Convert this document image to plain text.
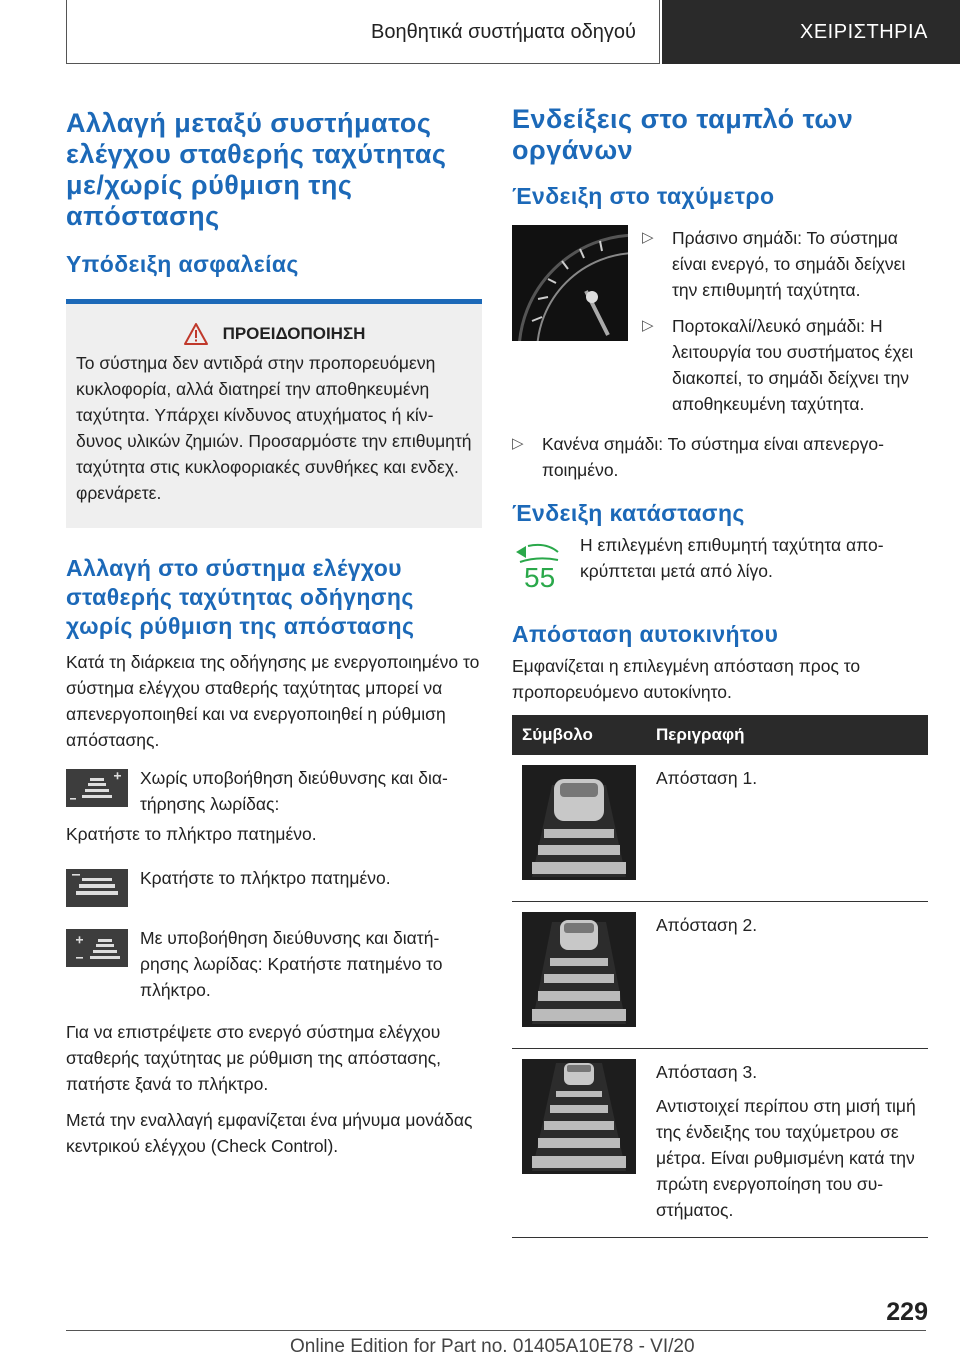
Βοηθητικά συστήματα οδηγού	ΧΕΙΡΙΣΤΗΡΙΑ
Αλλαγή μεταξύ συστήματος ελέγχου σταθερής ταχύτητας με/χωρίς ρύθμιση της απόστασης
Υπόδειξη ασφαλείας
ΠΡΟΕΙΔΟΠΟΙΗΣΗ

Το σύστημα δεν αντιδρά στην προπορευόμενη κυκλοφορία, αλλά διατηρεί την αποθηκευμένη ταχύτητα. Υπάρχει κίνδυνος ατυχήματος ή κίνδυνος υλικών ζημιών. Προσαρμόστε την επιθυμητή ταχύτητα στις κυκλοφοριακές συνθήκες και ενδεχ. φρενάρετε.

Αλλαγή στο σύστημα ελέγχου σταθερής ταχύτητας οδήγησης χωρίς ρύθμιση της απόστασης

Κατά τη διάρκεια της οδήγησης με ενεργοποιημένο το σύστημα ελέγχου σταθερής ταχύτητας μπορεί να απενεργοποιηθεί και να ενεργοποιηθεί η ρύθμιση απόστασης.

Χωρίς υποβοήθηση διεύθυνσης και διατήρησης λωρίδας:

Κρατήστε το πλήκτρο πατημένο.

Κρατήστε το πλήκτρο πατημένο.

Με υποβοήθηση διεύθυνσης και διατήρησης λωρίδας: Κρατήστε πατημένο το πλήκτρο.

Για να επιστρέψετε στο ενεργό σύστημα ελέγχου σταθερής ταχύτητας με ρύθμιση της απόστασης, πατήστε ξανά το πλήκτρο.

Μετά την εναλλαγή εμφανίζεται ένα μήνυμα μονάδας κεντρικού ελέγχου (Check Control).

Ενδείξεις στο ταμπλό των οργάνων
Ένδειξη στο ταχύμετρο
▷ Πράσινο σημάδι: Το σύστημα είναι ενεργό, το σημάδι δείχνει την επιθυμητή ταχύτητα.
▷ Πορτοκαλί/λευκό σημάδι: Η λειτουργία του συστήματος έχει διακοπεί, το σημάδι δείχνει την αποθηκευμένη ταχύτητα.
▷ Κανένα σημάδι: Το σύστημα είναι απενεργοποιημένο.
Ένδειξη κατάστασης
55

Η επιλεγμένη επιθυμητή ταχύτητα αποκρύπτεται μετά από λίγο.

Απόσταση αυτοκινήτου

Εμφανίζεται η επιλεγμένη απόσταση προς το προπορευόμενο αυτοκίνητο.

Σύμβολο	Περιγραφή

Απόσταση 1.

Απόσταση 2.

Απόσταση 3.

Αντιστοιχεί περίπου στη μισή τιμή της ένδειξης του ταχύμετρου σε μέτρα. Είναι ρυθμισμένη κατά την πρώτη ενεργοποίηση του συστήματος.

229
Online Edition for Part no. 01405A10E78 - VI/20
